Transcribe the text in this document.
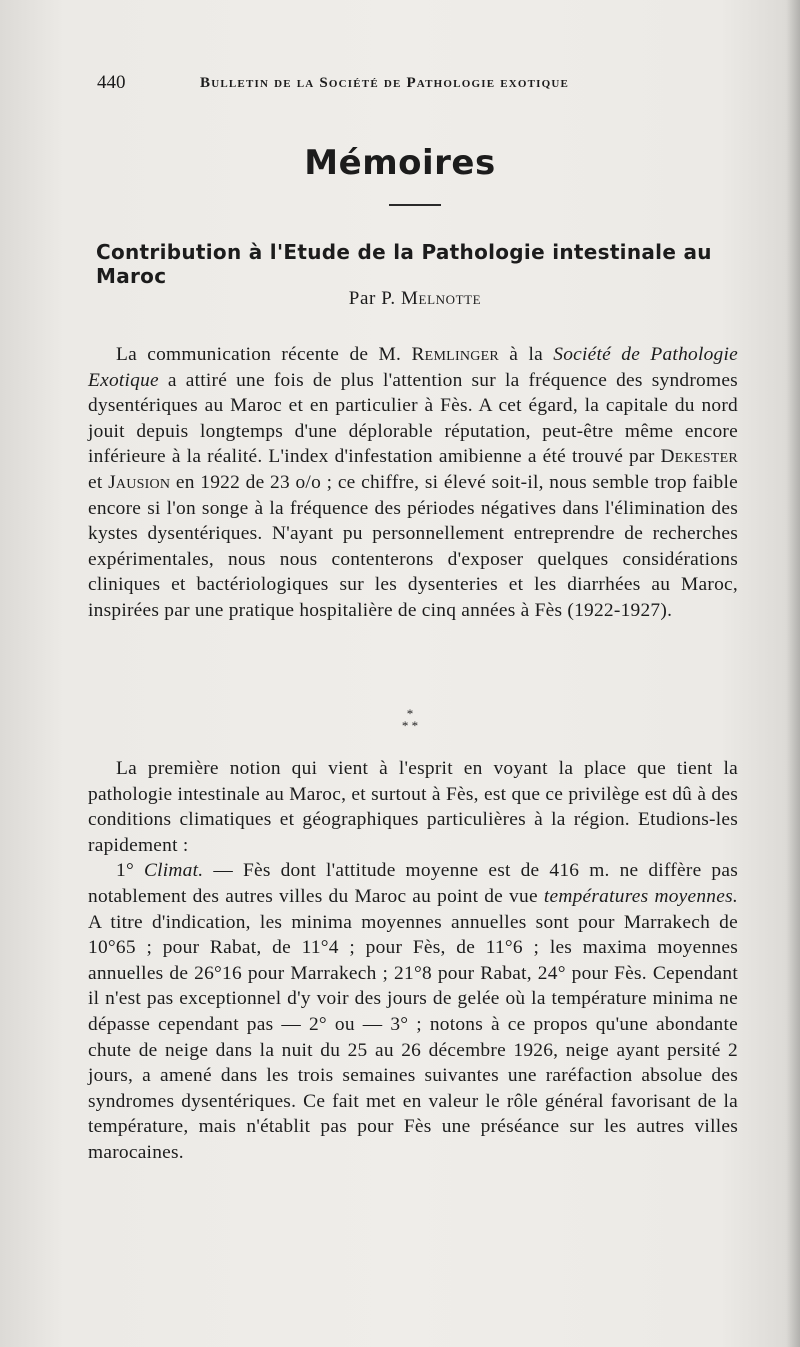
440	Bulletin de la Société de Pathologie exotique
Mémoires
Contribution à l'Etude de la Pathologie intestinale au Maroc
Par P. Melnotte

La communication récente de M. Remlinger à la Société de Pathologie Exotique a attiré une fois de plus l'attention sur la fréquence des syndromes dysentériques au Maroc et en particulier à Fès. A cet égard, la capitale du nord jouit depuis longtemps d'une déplorable réputation, peut-être même encore inférieure à la réalité. L'index d'infestation amibienne a été trouvé par Dekester et Jausion en 1922 de 23 o/o ; ce chiffre, si élevé soit-il, nous semble trop faible encore si l'on songe à la fréquence des périodes négatives dans l'élimination des kystes dysentériques. N'ayant pu personnellement entreprendre de recherches expérimentales, nous nous contenterons d'exposer quelques considérations cliniques et bactériologiques sur les dysenteries et les diarrhées au Maroc, inspirées par une pratique hospitalière de cinq années à Fès (1922-1927).

*
* *

La première notion qui vient à l'esprit en voyant la place que tient la pathologie intestinale au Maroc, et surtout à Fès, est que ce privilège est dû à des conditions climatiques et géographiques particulières à la région. Etudions-les rapidement :

1° Climat. — Fès dont l'attitude moyenne est de 416 m. ne diffère pas notablement des autres villes du Maroc au point de vue températures moyennes. A titre d'indication, les minima moyennes annuelles sont pour Marrakech de 10°65 ; pour Rabat, de 11°4 ; pour Fès, de 11°6 ; les maxima moyennes annuelles de 26°16 pour Marrakech ; 21°8 pour Rabat, 24° pour Fès. Cependant il n'est pas exceptionnel d'y voir des jours de gelée où la température minima ne dépasse cependant pas — 2° ou — 3° ; notons à ce propos qu'une abondante chute de neige dans la nuit du 25 au 26 décembre 1926, neige ayant persité 2 jours, a amené dans les trois semaines suivantes une raréfaction absolue des syndromes dysentériques. Ce fait met en valeur le rôle général favorisant de la température, mais n'établit pas pour Fès une préséance sur les autres villes marocaines.
